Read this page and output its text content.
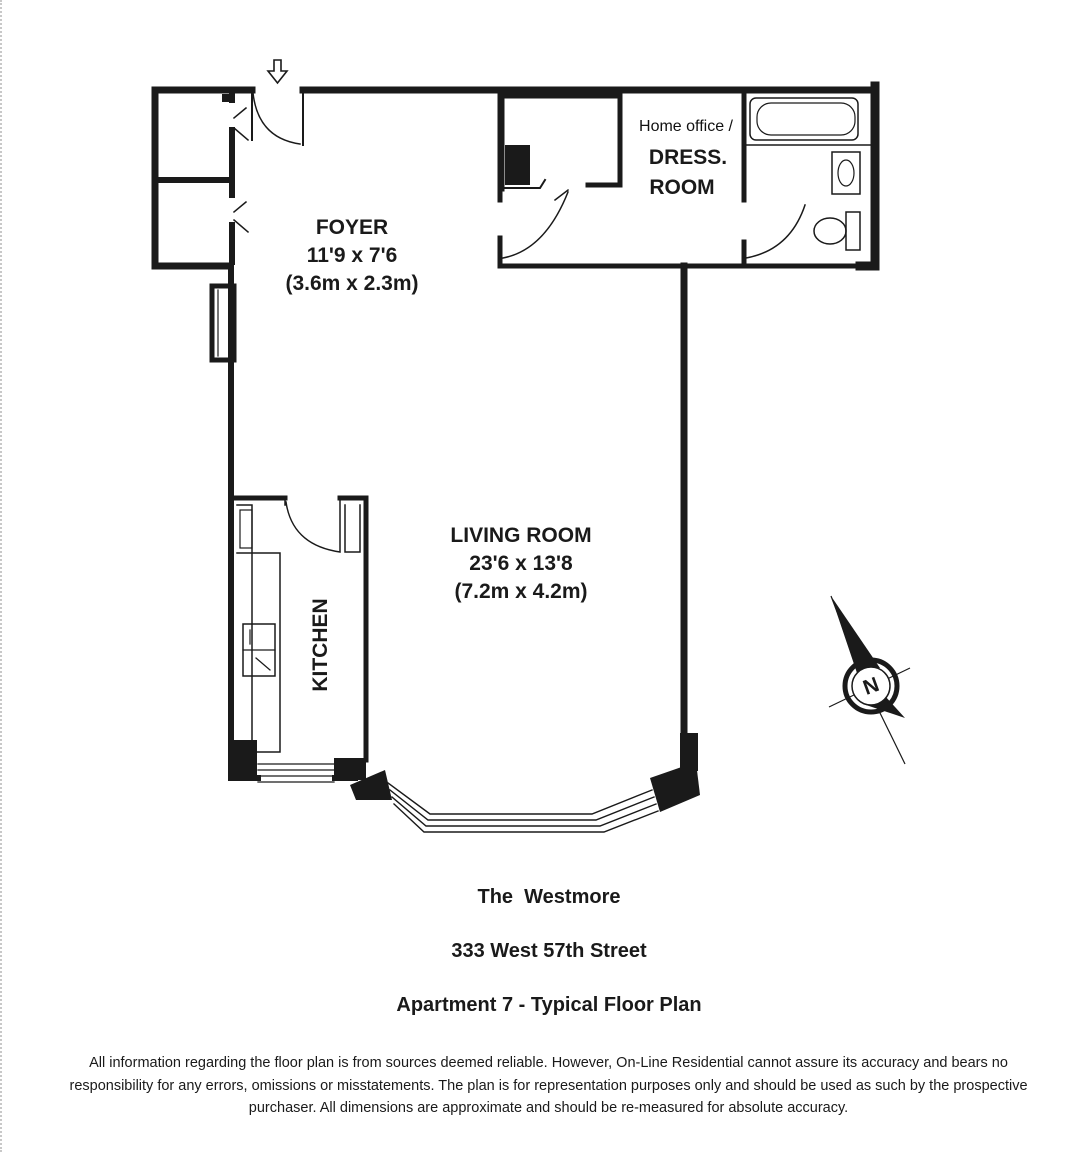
N
FOYER
11'9 x 7'6
(3.6m x 2.3m)
LIVING ROOM
23'6 x 13'8
(7.2m x 4.2m)
KITCHEN
Home office /
DRESS.
ROOM
The  Westmore
333 West 57th Street
Apartment 7 - Typical Floor Plan
All information regarding the floor plan is from sources deemed reliable. However, On-Line Residential cannot assure its accuracy and bears no responsibility for any errors, omissions or misstatements. The plan is for representation purposes only and should be used as such by the prospective purchaser. All dimensions are approximate and should be re-measured for absolute accuracy.
